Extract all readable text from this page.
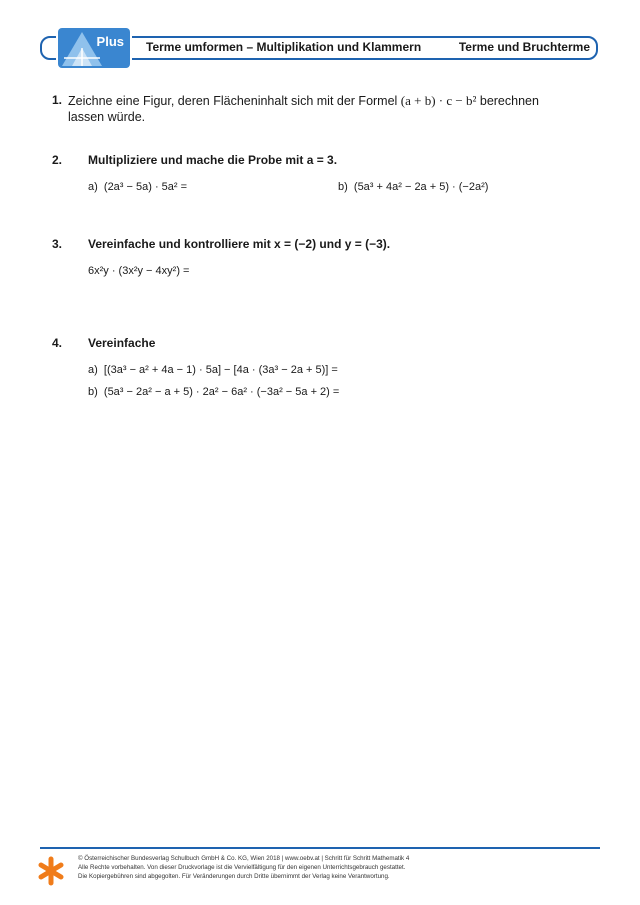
Plus Terme umformen – Multiplikation und Klammern	Terme und Bruchterme
1. Zeichne eine Figur, deren Flächeninhalt sich mit der Formel (a + b) · c − b² berechnen lassen würde.
2. Multipliziere und mache die Probe mit a = 3.
a) (2a³ − 5a) · 5a² =	b) (5a³ + 4a² − 2a + 5) · (−2a²)
3. Vereinfache und kontrolliere mit x = (−2) und y = (−3).
6x²y · (3x²y − 4xy²) =
4. Vereinfache
a) [(3a³ − a² + 4a − 1) · 5a] − [4a · (3a³ − 2a + 5)] =
b) (5a³ − 2a² − a + 5) · 2a² − 6a² · (−3a² − 5a + 2) =
© Österreichischer Bundesverlag Schulbuch GmbH & Co. KG, Wien 2018 | www.oebv.at | Schritt für Schritt Mathematik 4
Alle Rechte vorbehalten. Von dieser Druckvorlage ist die Vervielfältigung für den eigenen Unterrichtsgebrauch gestattet.
Die Kopiergebühren sind abgegolten. Für Veränderungen durch Dritte übernimmt der Verlag keine Verantwortung.
